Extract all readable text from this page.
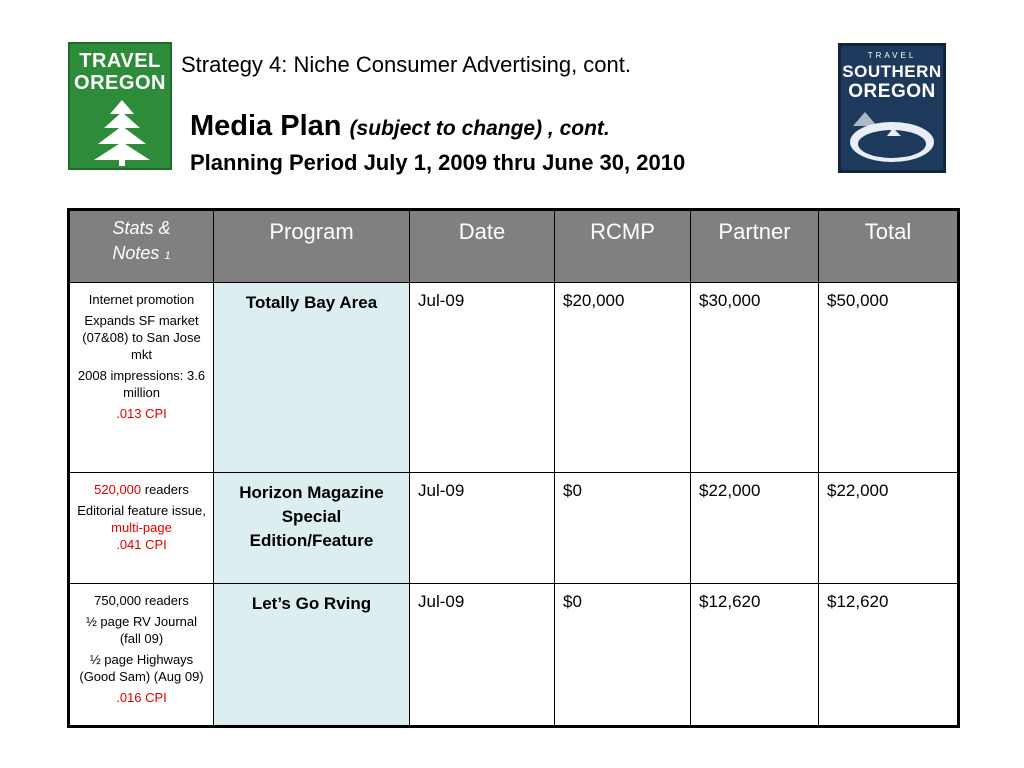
TRAVEL
OREGON
TRAVEL
SOUTHERN
OREGON
Strategy 4: Niche Consumer Advertising, cont.
Media Plan (subject to change) , cont.
Planning Period July 1, 2009 thru June 30, 2010
Stats &
Notes 1	Program	Date	RCMP	Partner	Total

Internet promotion

Expands SF market (07&08) to San Jose mkt

2008 impressions: 3.6 million

.013 CPI	Totally Bay Area	Jul-09	$20,000	$30,000	$50,000

520,000 readers

Editorial feature issue, multi-page

.041 CPI	Horizon Magazine Special Edition/Feature	Jul-09	$0	$22,000	$22,000

750,000 readers

½ page RV Journal (fall 09)

½ page Highways (Good Sam) (Aug 09)

.016 CPI	Let’s Go Rving	Jul-09	$0	$12,620	$12,620
